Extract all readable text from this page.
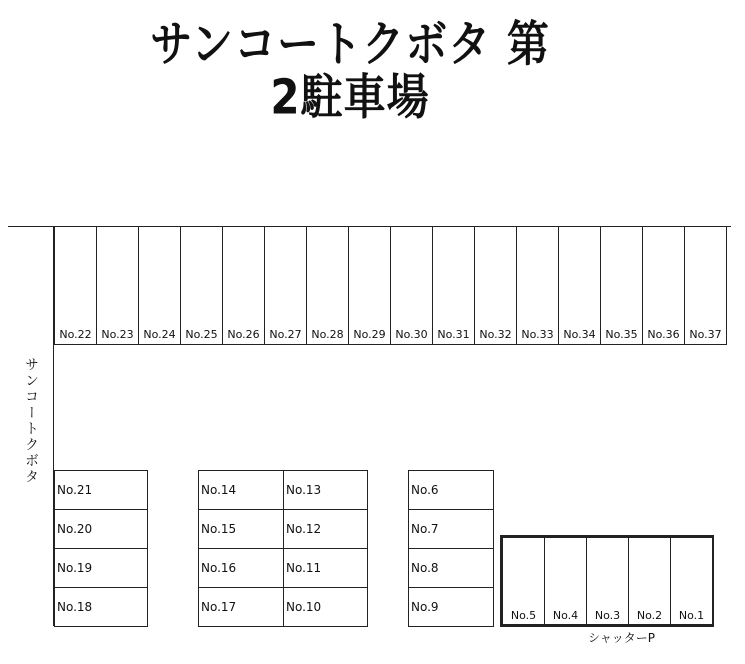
サンコートクボタ 第2駐車場
サンコートクボタ
No.22 No.23 No.24 No.25 No.26 No.27 No.28 No.29 No.30 No.31 No.32 No.33 No.34 No.35 No.36 No.37
No.21
No.20
No.19
No.18
No.14
No.15
No.16
No.17
No.13
No.12
No.11
No.10
No.6
No.7
No.8
No.9
No.5	No.4	No.3	No.2	No.1
シャッターP
